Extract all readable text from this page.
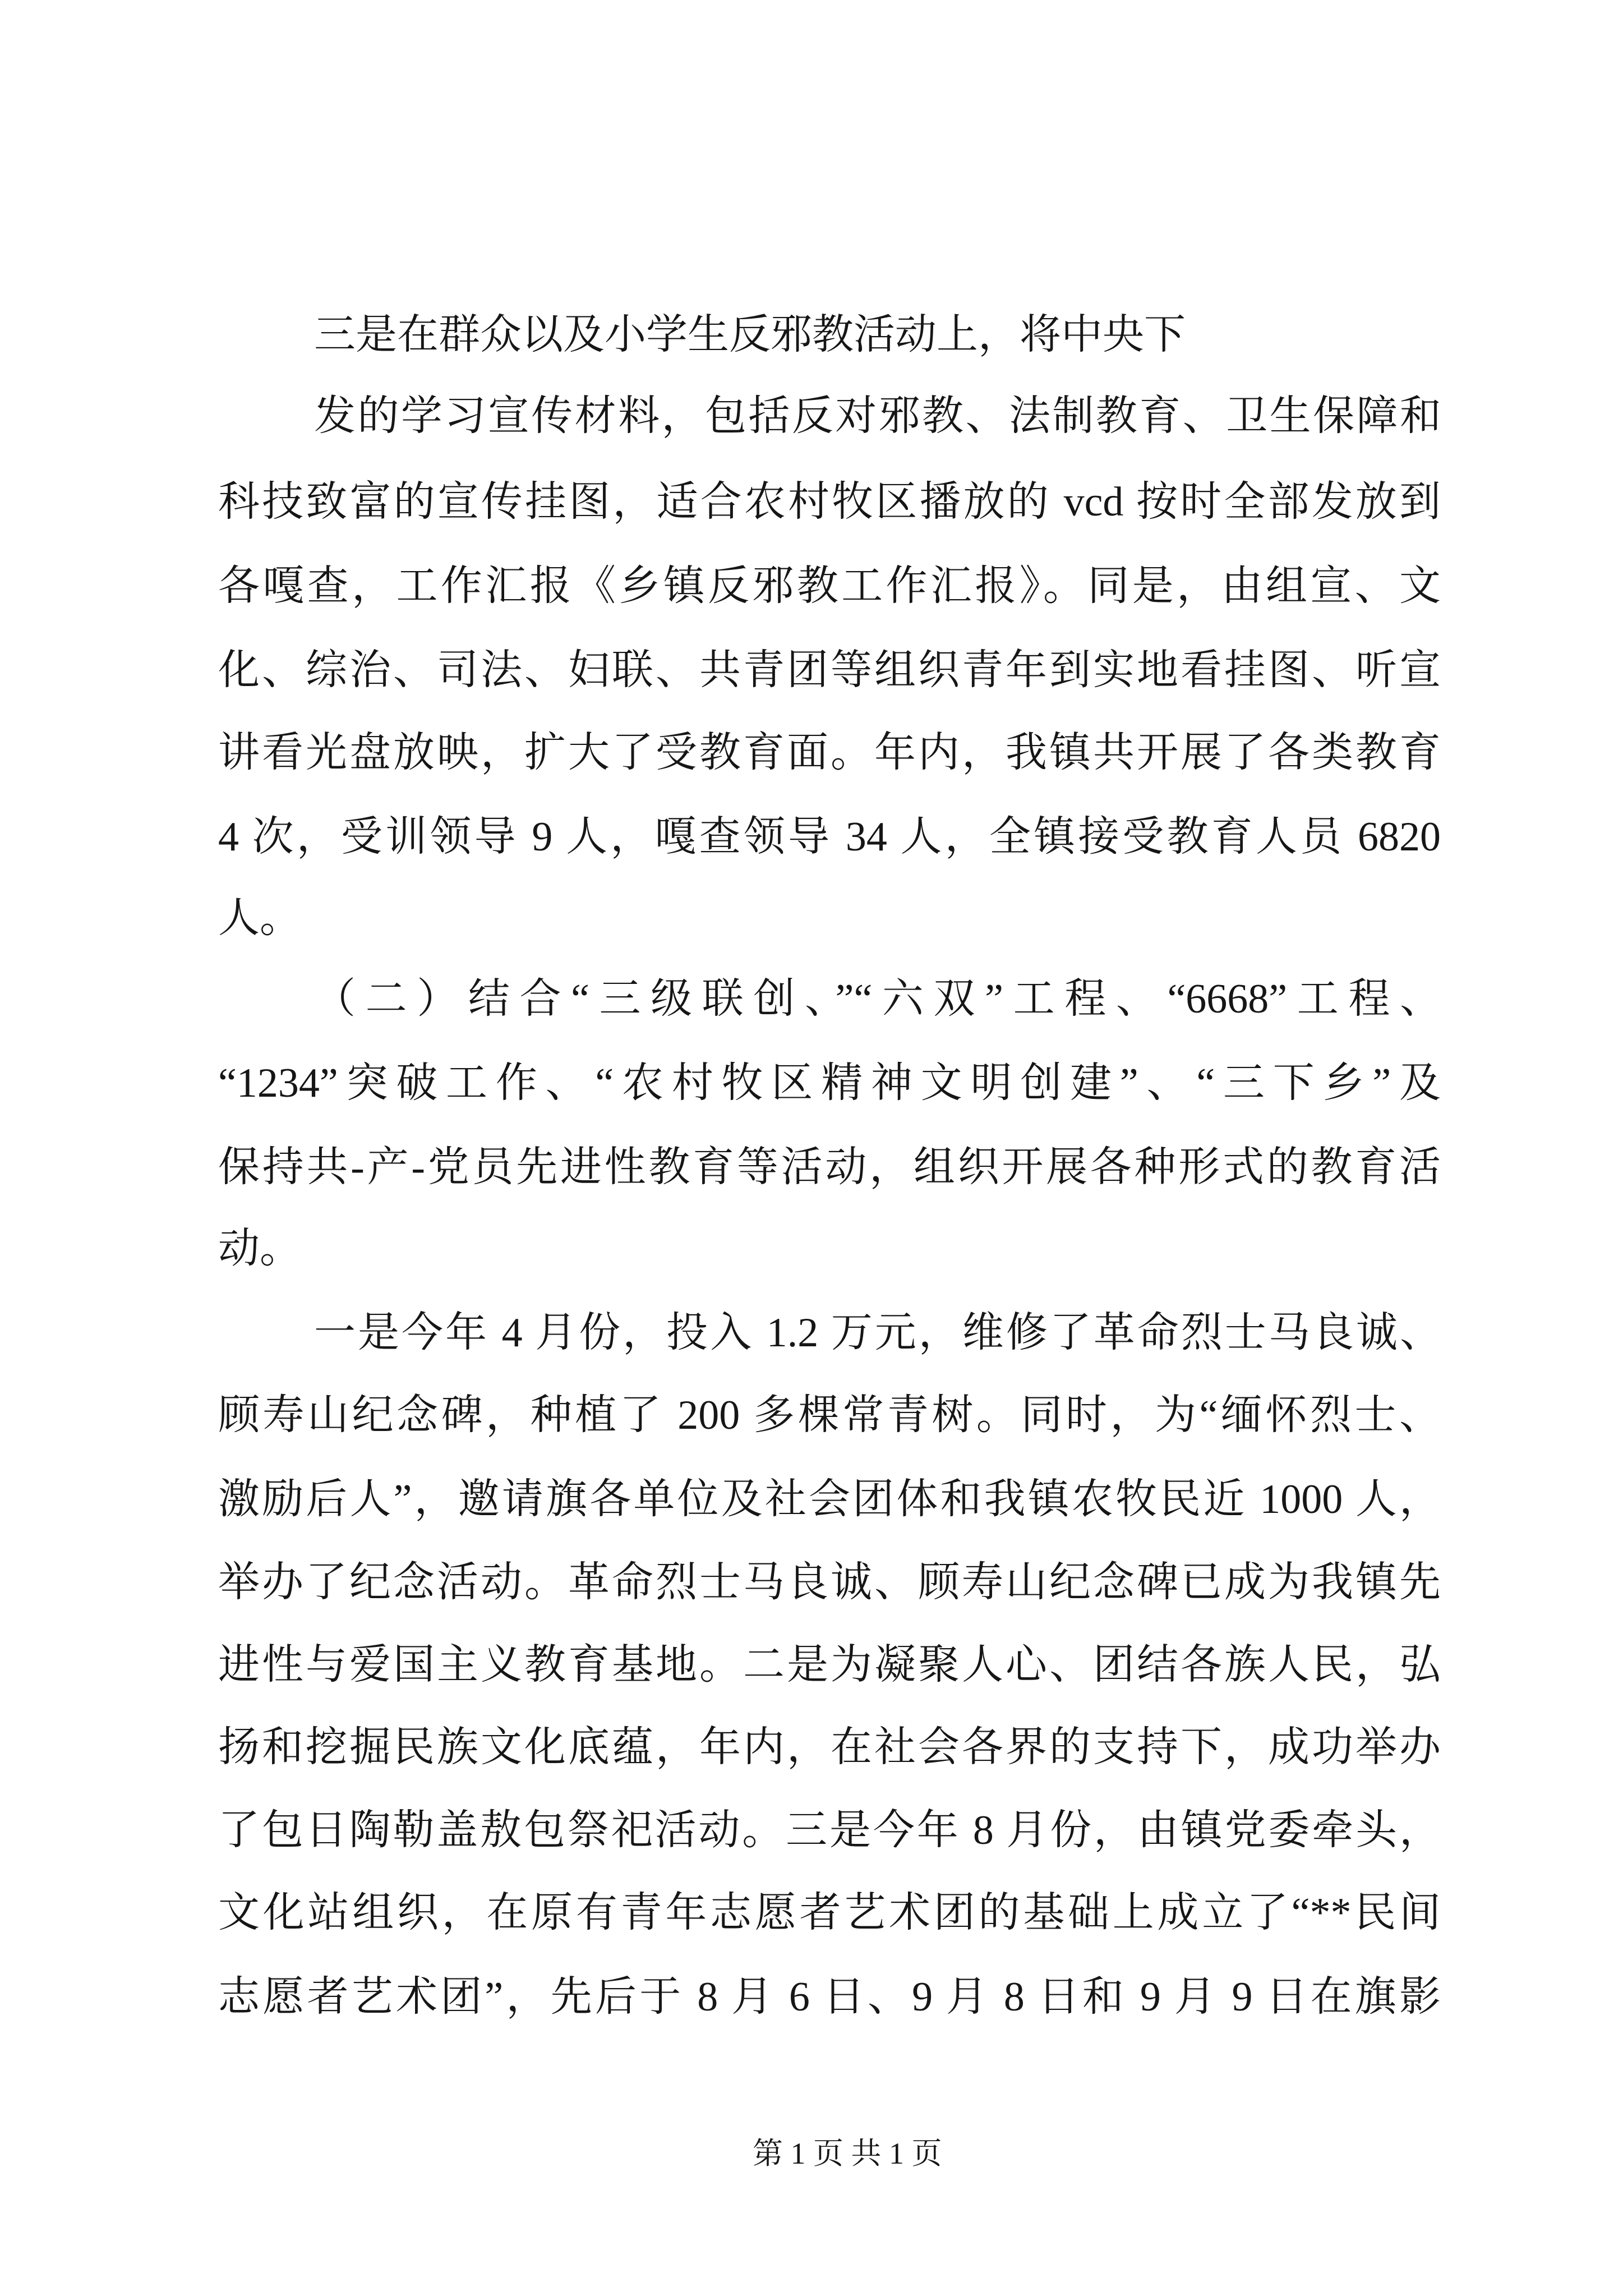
三是在群众以及小学生反邪教活动上，将中央下
发的学习宣传材料，包括反对邪教、法制教育、卫生保障和
科技致富的宣传挂图，适合农村牧区播放的 vcd 按时全部发放到
各嘎查，工作汇报《乡镇反邪教工作汇报》。同是，由组宣、文
化、综治、司法、妇联、共青团等组织青年到实地看挂图、听宣
讲看光盘放映，扩大了受教育面。年内，我镇共开展了各类教育
4 次，受训领导 9 人，嘎查领导 34 人，全镇接受教育人员 6820
人。
（二）结合“三级联创、”“六双”工程、“6668”工程、
“1234”突破工作、“农村牧区精神文明创建”、“三下乡”及
保持共-产-党员先进性教育等活动，组织开展各种形式的教育活
动。
一是今年 4 月份，投入 1.2 万元，维修了革命烈士马良诚、
顾寿山纪念碑，种植了 200 多棵常青树。同时，为“缅怀烈士、
激励后人”，邀请旗各单位及社会团体和我镇农牧民近 1000 人，
举办了纪念活动。革命烈士马良诚、顾寿山纪念碑已成为我镇先
进性与爱国主义教育基地。二是为凝聚人心、团结各族人民，弘
扬和挖掘民族文化底蕴，年内，在社会各界的支持下，成功举办
了包日陶勒盖敖包祭祀活动。三是今年 8 月份，由镇党委牵头，
文化站组织，在原有青年志愿者艺术团的基础上成立了“**民间
志愿者艺术团”，先后于 8 月 6 日、9 月 8 日和 9 月 9 日在旗影
第 1 页 共 1 页
